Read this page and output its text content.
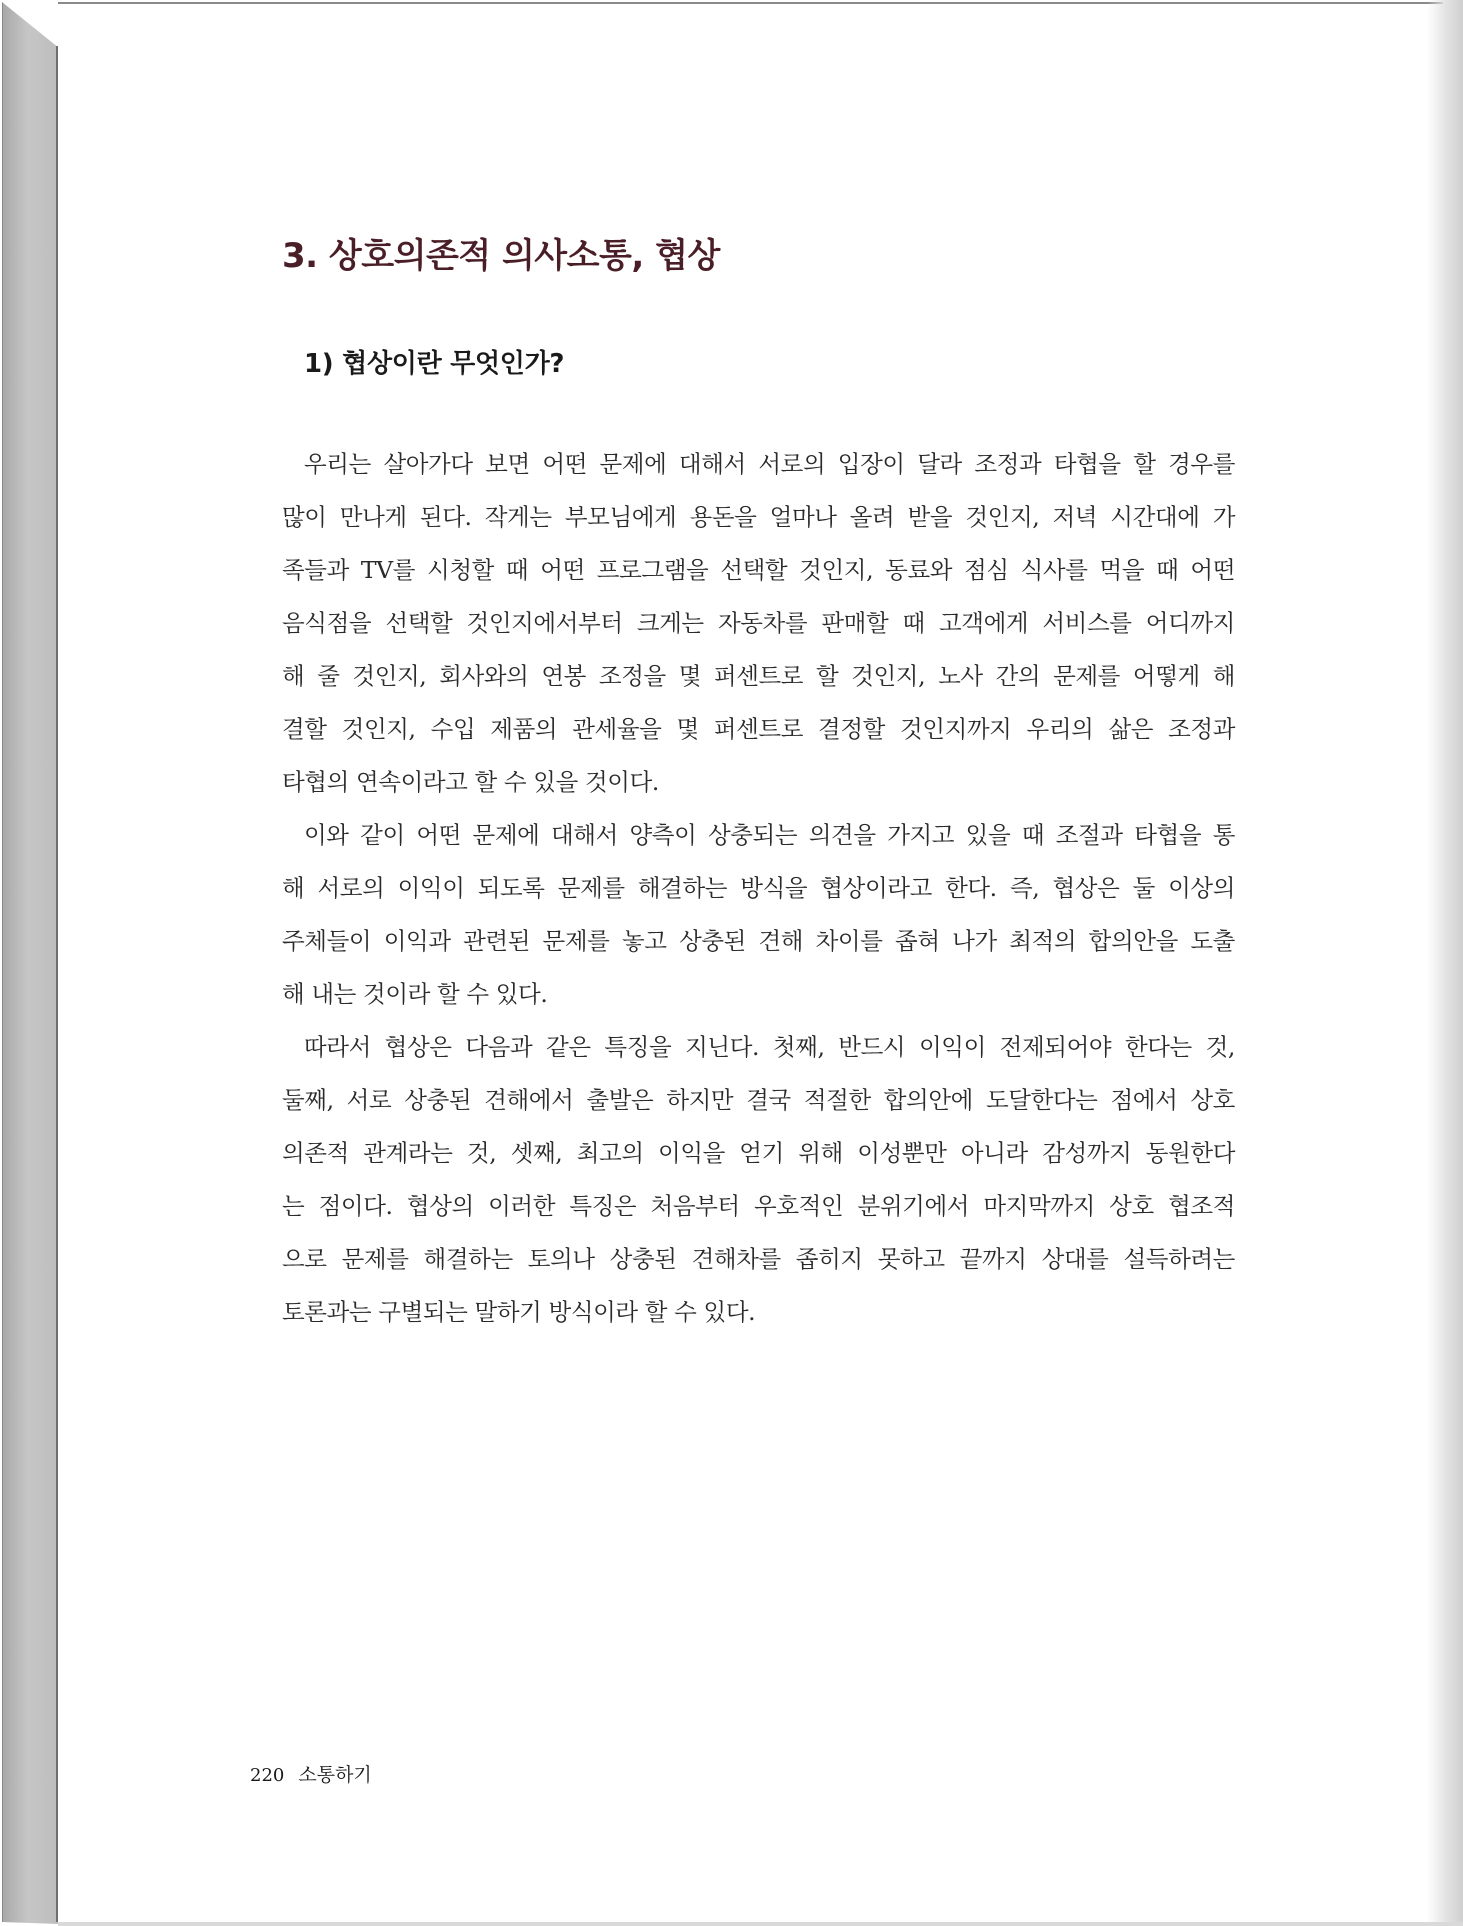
3. 상호의존적 의사소통, 협상
1) 협상이란 무엇인가?
우리는 살아가다 보면 어떤 문제에 대해서 서로의 입장이 달라 조정과 타협을 할 경우를
많이 만나게 된다. 작게는 부모님에게 용돈을 얼마나 올려 받을 것인지, 저녁 시간대에 가
족들과 TV를 시청할 때 어떤 프로그램을 선택할 것인지, 동료와 점심 식사를 먹을 때 어떤
음식점을 선택할 것인지에서부터 크게는 자동차를 판매할 때 고객에게 서비스를 어디까지
해 줄 것인지, 회사와의 연봉 조정을 몇 퍼센트로 할 것인지, 노사 간의 문제를 어떻게 해
결할 것인지, 수입 제품의 관세율을 몇 퍼센트로 결정할 것인지까지 우리의 삶은 조정과
타협의 연속이라고 할 수 있을 것이다.
이와 같이 어떤 문제에 대해서 양측이 상충되는 의견을 가지고 있을 때 조절과 타협을 통
해 서로의 이익이 되도록 문제를 해결하는 방식을 협상이라고 한다. 즉, 협상은 둘 이상의
주체들이 이익과 관련된 문제를 놓고 상충된 견해 차이를 좁혀 나가 최적의 합의안을 도출
해 내는 것이라 할 수 있다.
따라서 협상은 다음과 같은 특징을 지닌다. 첫째, 반드시 이익이 전제되어야 한다는 것,
둘째, 서로 상충된 견해에서 출발은 하지만 결국 적절한 합의안에 도달한다는 점에서 상호
의존적 관계라는 것, 셋째, 최고의 이익을 얻기 위해 이성뿐만 아니라 감성까지 동원한다
는 점이다. 협상의 이러한 특징은 처음부터 우호적인 분위기에서 마지막까지 상호 협조적
으로 문제를 해결하는 토의나 상충된 견해차를 좁히지 못하고 끝까지 상대를 설득하려는
토론과는 구별되는 말하기 방식이라 할 수 있다.
220 소통하기
